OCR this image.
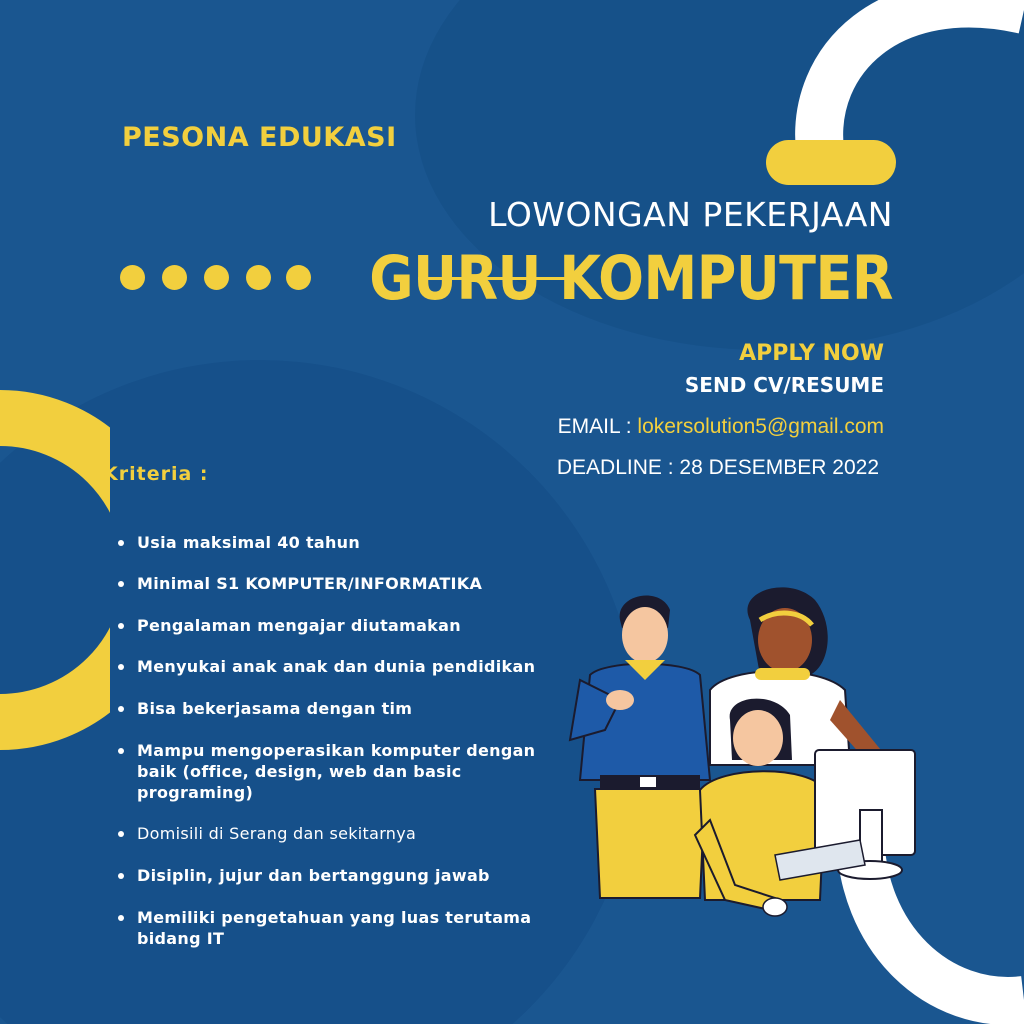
PESONA EDUKASI
LOWONGAN PEKERJAAN
GURU KOMPUTER
APPLY NOW
SEND CV/RESUME
EMAIL : lokersolution5@gmail.com
DEADLINE : 28 DESEMBER 2022
Kriteria :
Usia maksimal 40 tahun
Minimal S1 KOMPUTER/INFORMATIKA
Pengalaman mengajar diutamakan
Menyukai anak anak dan dunia pendidikan
Bisa bekerjasama dengan tim
Mampu mengoperasikan komputer dengan baik (office, design, web dan basic programing)
Domisili di Serang dan sekitarnya
Disiplin, jujur dan bertanggung jawab
Memiliki pengetahuan yang luas terutama bidang IT
